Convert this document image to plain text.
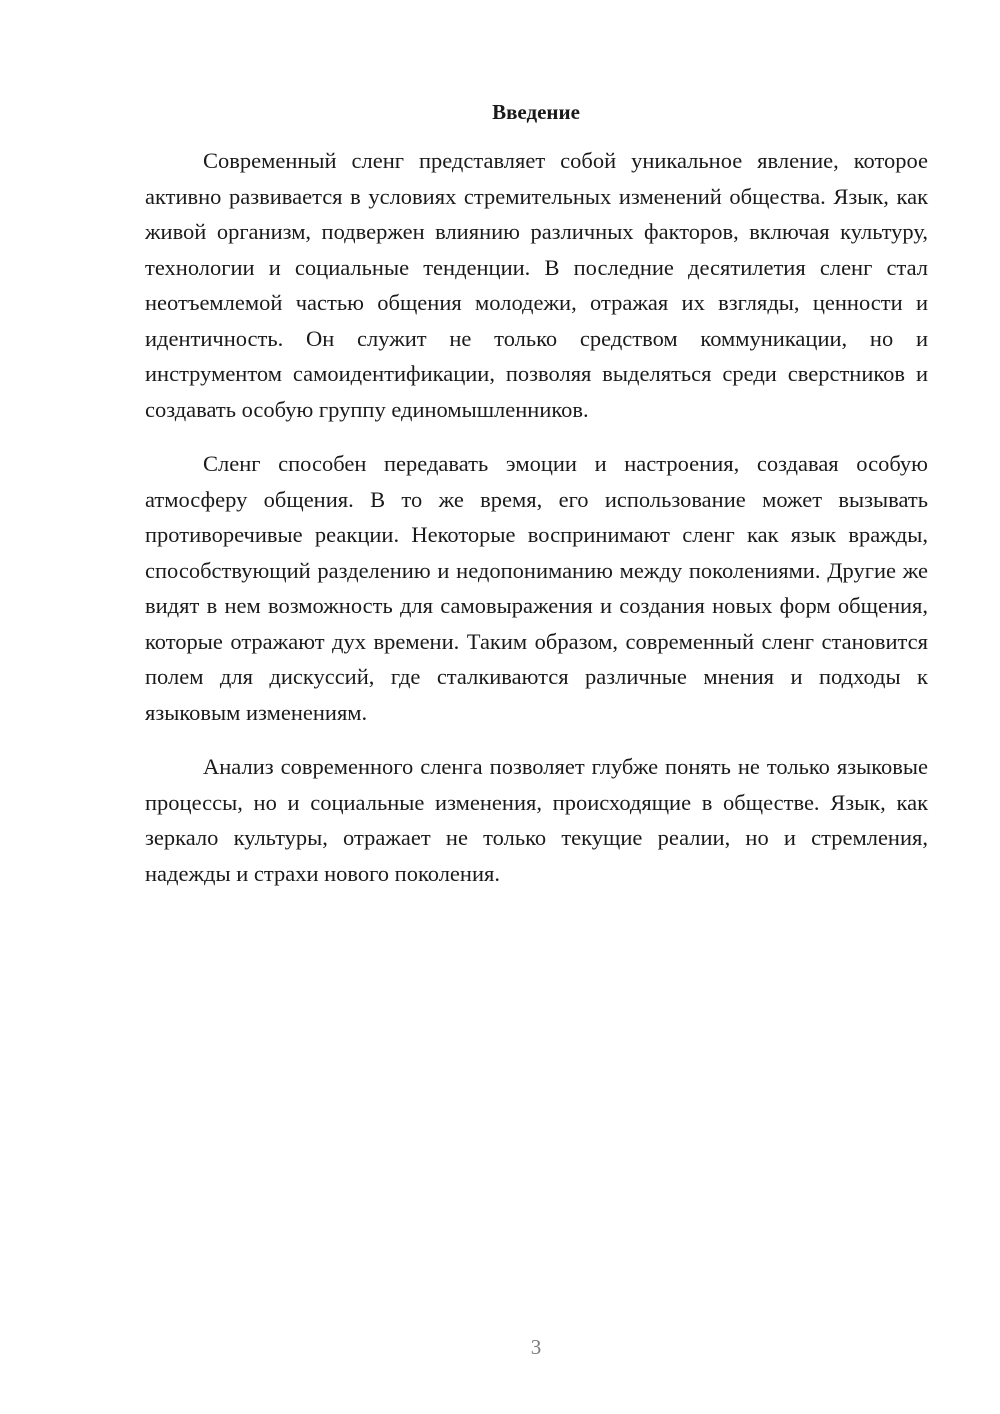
Введение

Современный сленг представляет собой уникальное явление, которое активно развивается в условиях стремительных изменений общества. Язык, как живой организм, подвержен влиянию различных факторов, включая культуру, технологии и социальные тенденции. В последние десятилетия сленг стал неотъемлемой частью общения молодежи, отражая их взгляды, ценности и идентичность. Он служит не только средством коммуникации, но и инструментом самоидентификации, позволяя выделяться среди сверстников и создавать особую группу единомышленников.

Сленг способен передавать эмоции и настроения, создавая особую атмосферу общения. В то же время, его использование может вызывать противоречивые реакции. Некоторые воспринимают сленг как язык вражды, способствующий разделению и недопониманию между поколениями. Другие же видят в нем возможность для самовыражения и создания новых форм общения, которые отражают дух времени. Таким образом, современный сленг становится полем для дискуссий, где сталкиваются различные мнения и подходы к языковым изменениям.

Анализ современного сленга позволяет глубже понять не только языковые процессы, но и социальные изменения, происходящие в обществе. Язык, как зеркало культуры, отражает не только текущие реалии, но и стремления, надежды и страхи нового поколения.

3
